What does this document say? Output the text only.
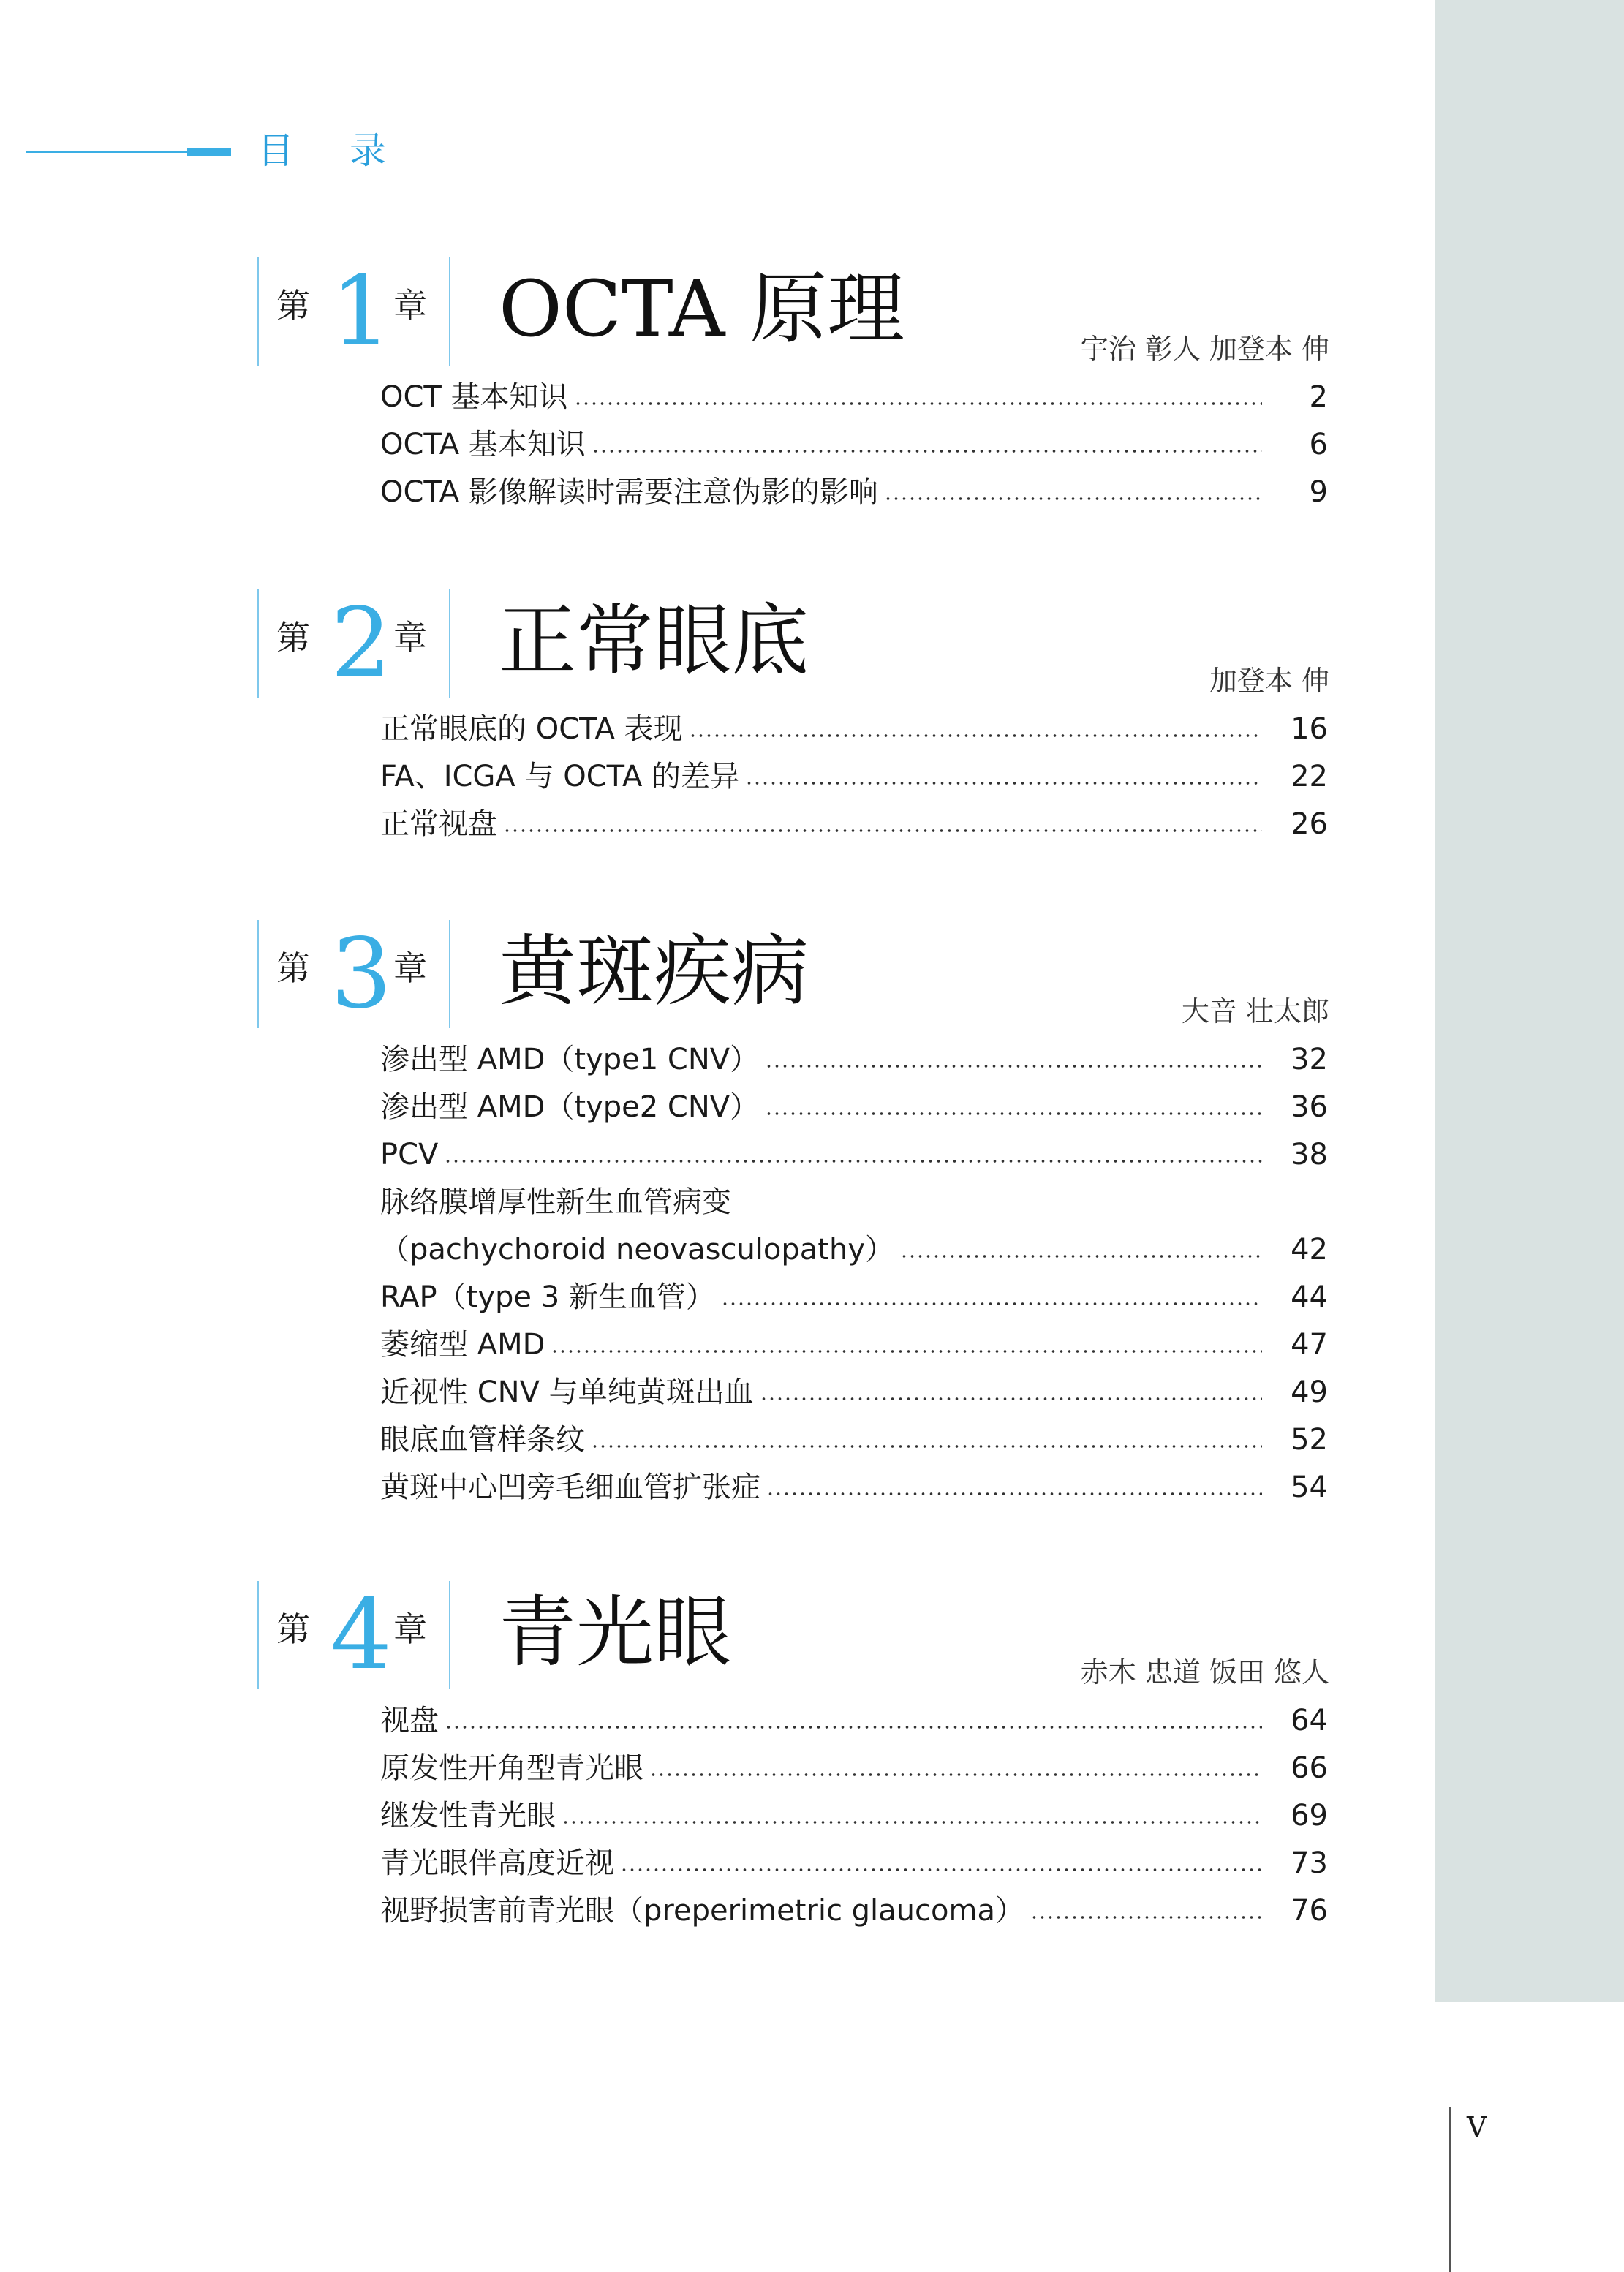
目 录
第 1 章 OCTA 原理	宇治 彰人 加登本 伸
OCT 基本知识	2
OCTA 基本知识	6
OCTA 影像解读时需要注意伪影的影响	9
第 2 章 正常眼底	加登本 伸
正常眼底的 OCTA 表现	16
FA、ICGA 与 OCTA 的差异	22
正常视盘	26
第 3 章 黄斑疾病	大音 壮太郎
渗出型 AMD（type1 CNV）	32
渗出型 AMD（type2 CNV）	36
PCV	38
脉络膜增厚性新生血管病变
（pachychoroid neovasculopathy）	42
RAP（type 3 新生血管）	44
萎缩型 AMD	47
近视性 CNV 与单纯黄斑出血	49
眼底血管样条纹	52
黄斑中心凹旁毛细血管扩张症	54
第 4 章 青光眼	赤木 忠道 饭田 悠人
视盘	64
原发性开角型青光眼	66
继发性青光眼	69
青光眼伴高度近视	73
视野损害前青光眼（preperimetric glaucoma）	76
V
